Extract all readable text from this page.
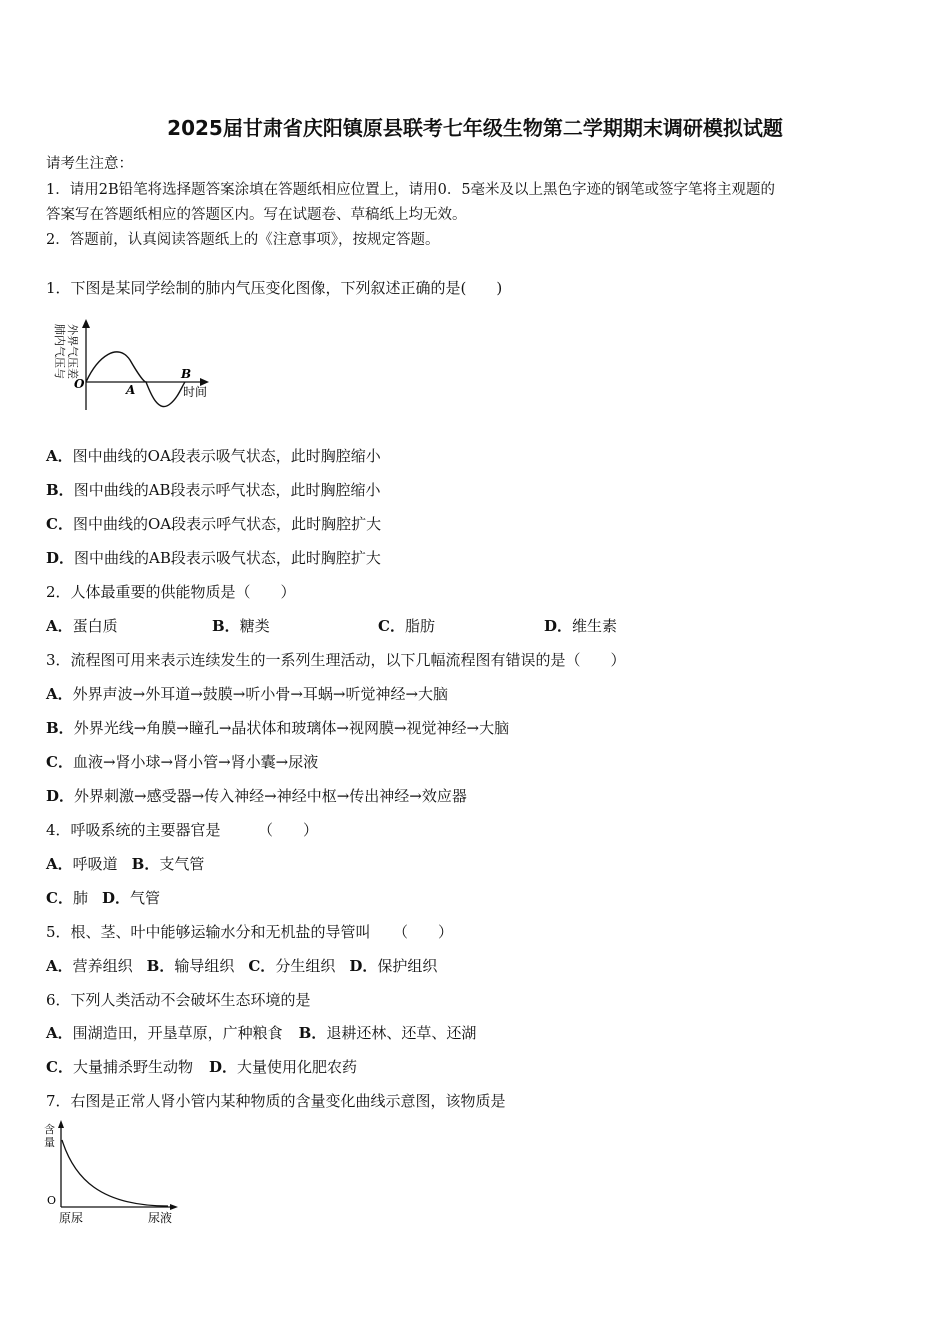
2025届甘肃省庆阳镇原县联考七年级生物第二学期期末调研模拟试题
请考生注意：
1．请用2B铅笔将选择题答案涂填在答题纸相应位置上，请用0．5毫米及以上黑色字迹的钢笔或签字笔将主观题的
答案写在答题纸相应的答题区内。写在试题卷、草稿纸上均无效。
2．答题前，认真阅读答题纸上的《注意事项》，按规定答题。
1．下图是某同学绘制的肺内气压变化图像，下列叙述正确的是(　　)
肺内气压与 外界气压差
O	A
B
时间
A．图中曲线的OA段表示吸气状态，此时胸腔缩小
B．图中曲线的AB段表示呼气状态，此时胸腔缩小
C．图中曲线的OA段表示呼气状态，此时胸腔扩大
D．图中曲线的AB段表示吸气状态，此时胸腔扩大
2．人体最重要的供能物质是（　　）
A．蛋白质	B．糖类	C．脂肪	D．维生素
3．流程图可用来表示连续发生的一系列生理活动，以下几幅流程图有错误的是（　　）
A．外界声波→外耳道→鼓膜→听小骨→耳蜗→听觉神经→大脑
B．外界光线→角膜→瞳孔→晶状体和玻璃体→视网膜→视觉神经→大脑
C．血液→肾小球→肾小管→肾小囊→尿液
D．外界刺激→感受器→传入神经→神经中枢→传出神经→效应器
4．呼吸系统的主要器官是　　　（　　）
A．呼吸道 B．支气管
C．肺 D．气管
5．根、茎、叶中能够运输水分和无机盐的导管叫　　（　　）
A．营养组织 B．输导组织 C．分生组织 D．保护组织
6．下列人类活动不会破坏生态环境的是
A．围湖造田，开垦草原，广种粮食 B．退耕还林、还草、还湖
C．大量捕杀野生动物 D．大量使用化肥农药
7．右图是正常人肾小管内某种物质的含量变化曲线示意图，该物质是
含
量
O
原尿	尿液
